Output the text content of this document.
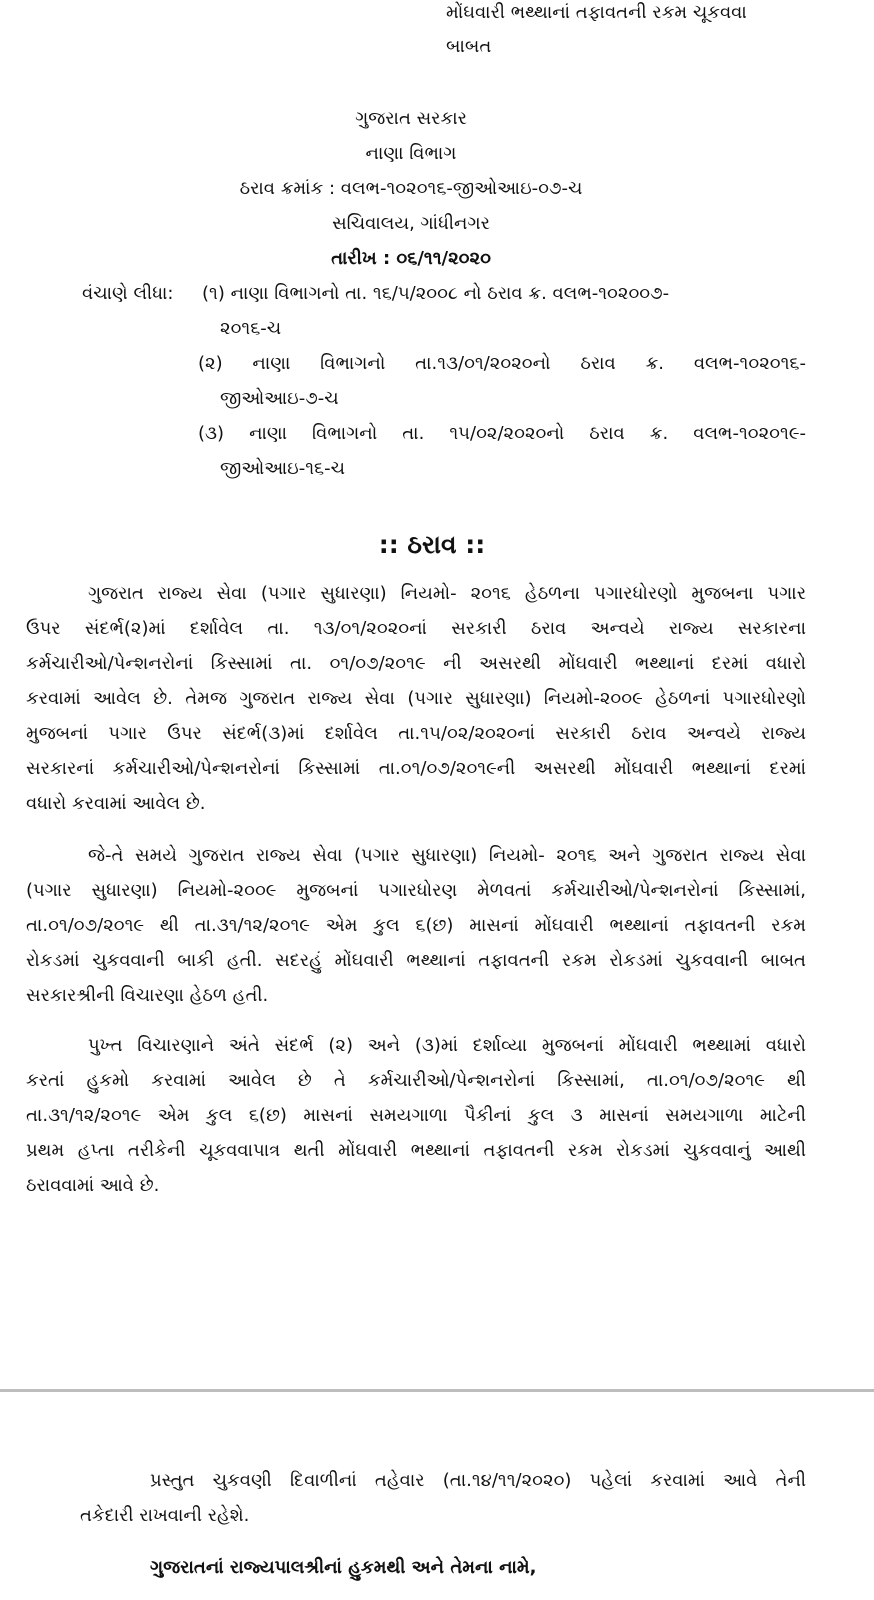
મોંઘવારી ભથ્થાનાં તફાવતની રકમ ચૂકવવા
બાબત
ગુજરાત સરકાર
નાણા વિભાગ
ઠરાવ ક્રમાંક : વલભ-૧૦૨૦૧૬-જીઓઆઇ-૦૭-ચ
સચિવાલય, ગાંધીનગર
તારીખ : ૦૬/૧૧/૨૦૨૦
વંચાણે લીધા: (૧) નાણા વિભાગનો તા. ૧૬/૫/૨૦૦૮ નો ઠરાવ ક્ર. વલભ-૧૦૨૦૦૭-
૨૦૧૬-ચ
(૨) નાણા વિભાગનો તા.૧૩/૦૧/૨૦૨૦નો ઠરાવ ક્ર. વલભ-૧૦૨૦૧૬-
જીઓઆઇ-૭-ચ
(૩) નાણા વિભાગનો તા. ૧૫/૦૨/૨૦૨૦નો ઠરાવ ક્ર. વલભ-૧૦૨૦૧૯-
જીઓઆઇ-૧૬-ચ
:: ઠરાવ ::
ગુજરાત રાજ્ય સેવા (પગાર સુધારણા) નિયમો- ૨૦૧૬ હેઠળના પગારધોરણો મુજબના પગાર
ઉપર સંદર્ભ(૨)માં દર્શાવેલ તા. ૧૩/૦૧/૨૦૨૦નાં સરકારી ઠરાવ અન્વયે રાજ્ય સરકારના
કર્મચારીઓ/પેન્શનરોનાં કિસ્સામાં તા. ૦૧/૦૭/૨૦૧૯ ની અસરથી મોંઘવારી ભથ્થાનાં દરમાં વધારો
કરવામાં આવેલ છે. તેમજ ગુજરાત રાજ્ય સેવા (પગાર સુધારણા) નિયમો-૨૦૦૯ હેઠળનાં પગારધોરણો
મુજબનાં પગાર ઉપર સંદર્ભ(૩)માં દર્શાવેલ તા.૧૫/૦૨/૨૦૨૦નાં સરકારી ઠરાવ અન્વયે રાજ્ય
સરકારનાં કર્મચારીઓ/પેન્શનરોનાં કિસ્સામાં તા.૦૧/૦૭/૨૦૧૯ની અસરથી મોંઘવારી ભથ્થાનાં દરમાં
વધારો કરવામાં આવેલ છે.
જે-તે સમયે ગુજરાત રાજ્ય સેવા (પગાર સુધારણા) નિયમો- ૨૦૧૬ અને ગુજરાત રાજ્ય સેવા
(પગાર સુધારણા) નિયમો-૨૦૦૯ મુજબનાં પગારધોરણ મેળવતાં કર્મચારીઓ/પેન્શનરોનાં કિસ્સામાં,
તા.૦૧/૦૭/૨૦૧૯ થી તા.૩૧/૧૨/૨૦૧૯ એમ કુલ ૬(છ) માસનાં મોંઘવારી ભથ્થાનાં તફાવતની રકમ
રોકડમાં ચુકવવાની બાકી હતી. સદરહું મોંઘવારી ભથ્થાનાં તફાવતની રકમ રોકડમાં ચુકવવાની બાબત
સરકારશ્રીની વિચારણા હેઠળ હતી.
પુખ્ત વિચારણાને અંતે સંદર્ભ (૨) અને (૩)માં દર્શાવ્યા મુજબનાં મોંઘવારી ભથ્થામાં વધારો
કરતાં હુકમો કરવામાં આવેલ છે તે કર્મચારીઓ/પેન્શનરોનાં કિસ્સામાં, તા.૦૧/૦૭/૨૦૧૯ થી
તા.૩૧/૧૨/૨૦૧૯ એમ કુલ ૬(છ) માસનાં સમયગાળા પૈકીનાં કુલ ૩ માસનાં સમયગાળા માટેની
પ્રથમ હપ્તા તરીકેની ચૂકવવાપાત્ર થતી મોંઘવારી ભથ્થાનાં તફાવતની રકમ રોકડમાં ચુકવવાનું આથી
ઠરાવવામાં આવે છે.
પ્રસ્તુત ચુકવણી દિવાળીનાં તહેવાર (તા.૧૪/૧૧/૨૦૨૦) પહેલાં કરવામાં આવે તેની
તકેદારી રાખવાની રહેશે.
ગુજરાતનાં રાજ્યપાલશ્રીનાં હુકમથી અને તેમના નામે,
